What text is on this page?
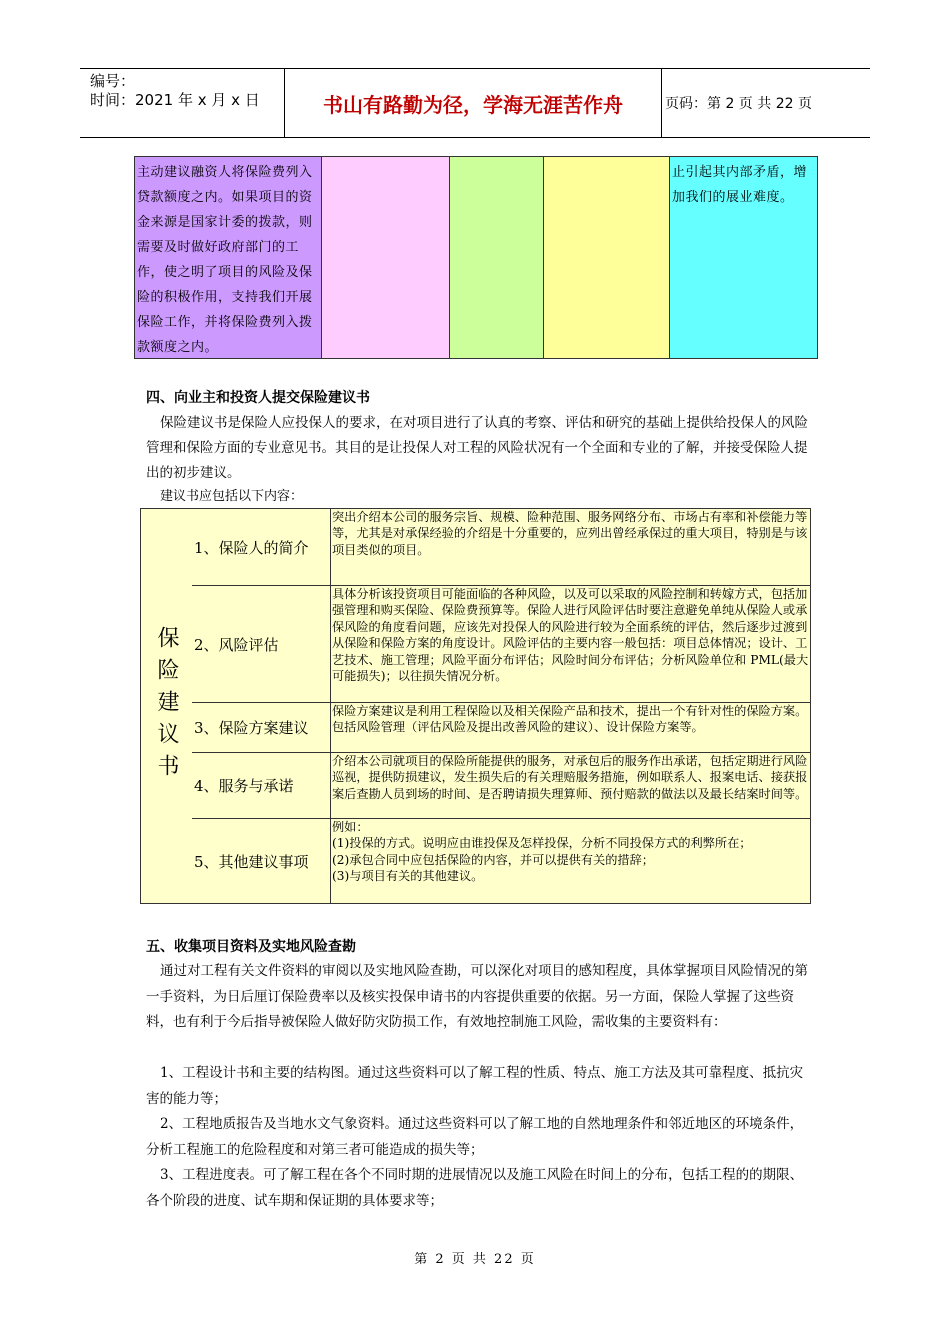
编号：
时间：2021 年 x 月 x 日	书山有路勤为径，学海无涯苦作舟	页码：第 2 页 共 22 页
主动建议融资人将保险费列入贷款额度之内。如果项目的资金来源是国家计委的拨款，则需要及时做好政府部门的工作，使之明了项目的风险及保险的积极作用，支持我们开展保险工作，并将保险费列入拨款额度之内。
止引起其内部矛盾，增加我们的展业难度。
四、向业主和投资人提交保险建议书

保险建议书是保险人应投保人的要求，在对项目进行了认真的考察、评估和研究的基础上提供给投保人的风险管理和保险方面的专业意见书。其目的是让投保人对工程的风险状况有一个全面和专业的了解，并接受保险人提出的初步建议。

建议书应包括以下内容：

保险建议书
1、保险人的简介
突出介绍本公司的服务宗旨、规模、险种范围、服务网络分布、市场占有率和补偿能力等等，尤其是对承保经验的介绍是十分重要的，应列出曾经承保过的重大项目，特别是与该项目类似的项目。
2、风险评估
具体分析该投资项目可能面临的各种风险，以及可以采取的风险控制和转嫁方式，包括加强管理和购买保险、保险费预算等。保险人进行风险评估时要注意避免单纯从保险人或承保风险的角度看问题，应该先对投保人的风险进行较为全面系统的评估，然后逐步过渡到从保险和保险方案的角度设计。风险评估的主要内容一般包括：项目总体情况；设计、工艺技术、施工管理；风险平面分布评估；风险时间分布评估；分析风险单位和 PML(最大可能损失)；以往损失情况分析。
3、保险方案建议
保险方案建议是利用工程保险以及相关保险产品和技术，提出一个有针对性的保险方案。包括风险管理（评估风险及提出改善风险的建议）、设计保险方案等。
4、服务与承诺
介绍本公司就项目的保险所能提供的服务，对承包后的服务作出承诺，包括定期进行风险巡视，提供防损建议，发生损失后的有关理赔服务措施，例如联系人、报案电话、接获报案后查勘人员到场的时间、是否聘请损失理算师、预付赔款的做法以及最长结案时间等。
5、其他建议事项
例如：
(1)投保的方式。说明应由谁投保及怎样投保，分析不同投保方式的利弊所在；
(2)承包合同中应包括保险的内容，并可以提供有关的措辞；
(3)与项目有关的其他建议。
五、收集项目资料及实地风险查勘

通过对工程有关文件资料的审阅以及实地风险查勘，可以深化对项目的感知程度，具体掌握项目风险情况的第一手资料，为日后厘订保险费率以及核实投保申请书的内容提供重要的依据。另一方面，保险人掌握了这些资料，也有利于今后指导被保险人做好防灾防损工作，有效地控制施工风险，需收集的主要资料有：

1、工程设计书和主要的结构图。通过这些资料可以了解工程的性质、特点、施工方法及其可靠程度、抵抗灾害的能力等；

2、工程地质报告及当地水文气象资料。通过这些资料可以了解工地的自然地理条件和邻近地区的环境条件，分析工程施工的危险程度和对第三者可能造成的损失等；

3、工程进度表。可了解工程在各个不同时期的进展情况以及施工风险在时间上的分布，包括工程的的期限、各个阶段的进度、试车期和保证期的具体要求等；

第 2 页 共 22 页
